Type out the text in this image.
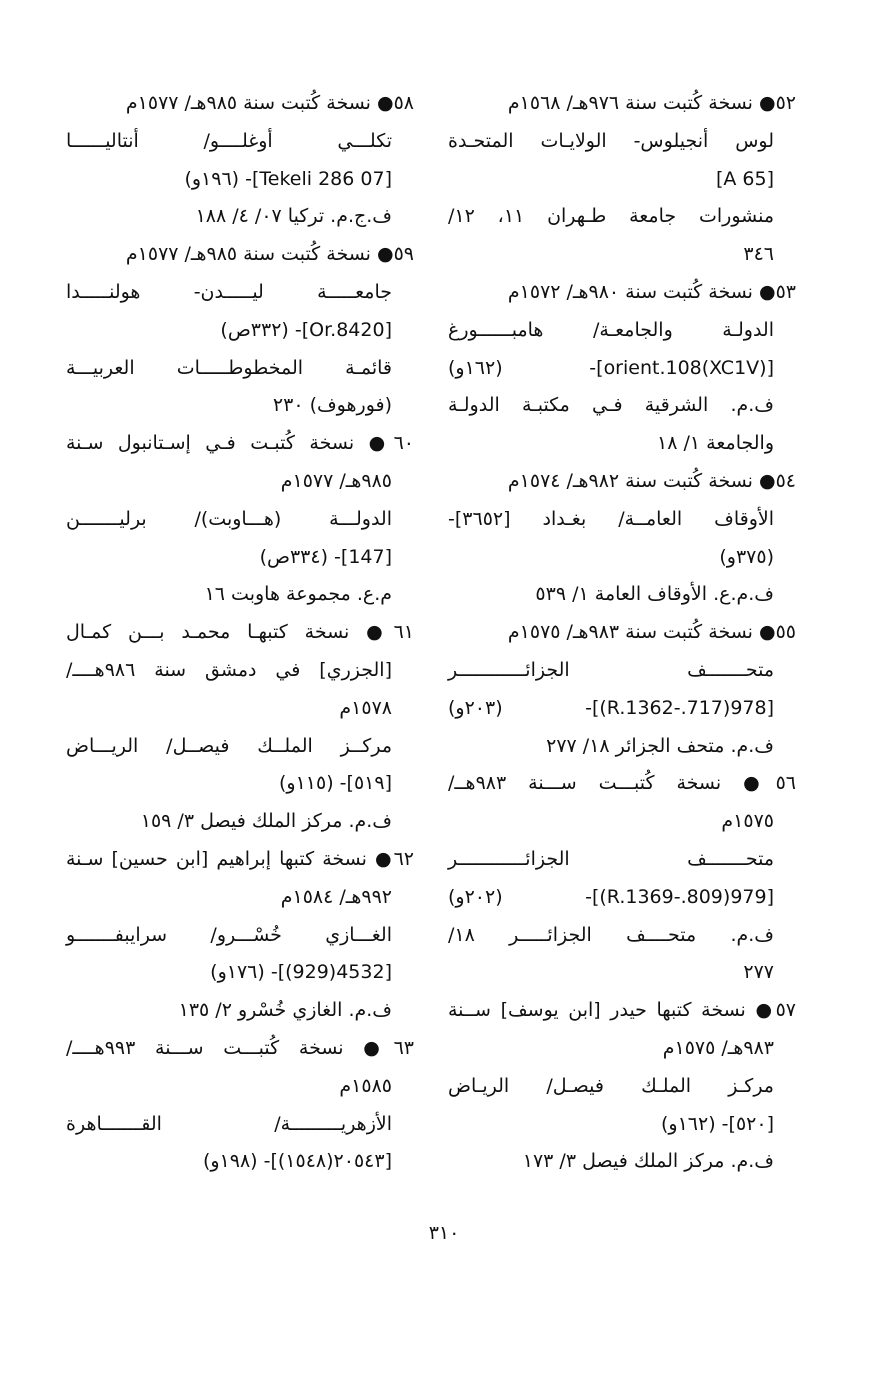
٥٢● نسخة كُتبت سنة ٩٧٦هـ/ ١٥٦٨م
لوس أنجيلوس- الولايـات المتحـدة
[A 65]
منشورات جامعة طـهران ١١، ١٢/
٣٤٦
٥٣● نسخة كُتبت سنة ٩٨٠هـ/ ١٥٧٢م
الدولـة والجامعـة/ هامبــــــورغ
[orient.108(XC1V)]- (١٦٢و)
ف.م. الشرقية فـي مكتبـة الدولـة
والجامعة ١/ ١٨
٥٤● نسخة كُتبت سنة ٩٨٢هـ/ ١٥٧٤م
الأوقاف العامــة/ بغـداد [٣٦٥٢]-
(٣٧٥و)
ف.م.ع. الأوقاف العامة ١/ ٥٣٩
٥٥● نسخة كُتبت سنة ٩٨٣هـ/ ١٥٧٥م
متحـــــــف الجزائــــــــــــر
[978(717.-R.1362)]- (٢٠٣و)
ف.م. متحف الجزائر ١٨/ ٢٧٧
٥٦● نسخة كُتبـــت ســـنة ٩٨٣هــ/
١٥٧٥م
متحـــــــف الجزائــــــــــــر
[979(809.-R.1369)]- (٢٠٢و)
ف.م. متحــــف الجزائـــــر ١٨/
٢٧٧
٥٧● نسخة كتبها حيدر [ابن يوسف] ســنة
٩٨٣هـ/ ١٥٧٥م
مركـز الملـك فيصـل/ الريـاض
[٥٢٠]- (١٦٢و)
ف.م. مركز الملك فيصل ٣/ ١٧٣
٥٨● نسخة كُتبت سنة ٩٨٥هـ/ ١٥٧٧م
تكلـــي أوغلــــو/ أنتاليــــــا
[07 Tekeli 286]- (١٩٦و)
ف.ج.م. تركيا ٠٧/ ٤/ ١٨٨
٥٩● نسخة كُتبت سنة ٩٨٥هـ/ ١٥٧٧م
جامعـــــة ليـــــدن- هولنـــــدا
[Or.8420]- (٣٣٢ص)
قائمـة المخطوطـــــات العربيـــة
(فورهوف) ٢٣٠
٦٠● نسخة كُتبـت فـي إسـتانبول سـنة
٩٨٥هـ/ ١٥٧٧م
الدولـــة (هـــاوبت)/ برليـــــــن
[147]- (٣٣٤ص)
م.ع. مجموعة هاوبت ١٦
٦١● نسخة كتبهـا محمـد بـــن كمـال
[الجزري] في دمشق سنة ٩٨٦هــــ/
١٥٧٨م
مركــز الملــك فيصــل/ الريـــاض
[٥١٩]- (١١٥و)
ف.م. مركز الملك فيصل ٣/ ١٥٩
٦٢● نسخة كتبها إبراهيم [ابن حسين] سـنة
٩٩٢هـ/ ١٥٨٤م
الغـــازي خُسْـــرو/ سرايبفـــــــو
[4532(929)]- (١٧٦و)
ف.م. الغازي خُسْرو ٢/ ١٣٥
٦٣● نسخة كُتبـــت ســـنة ٩٩٣هــــ/
١٥٨٥م
الأزهريـــــــــة/ القـــــــاهرة
[٢٠٥٤٣(١٥٤٨)]- (١٩٨و)
٣١٠
